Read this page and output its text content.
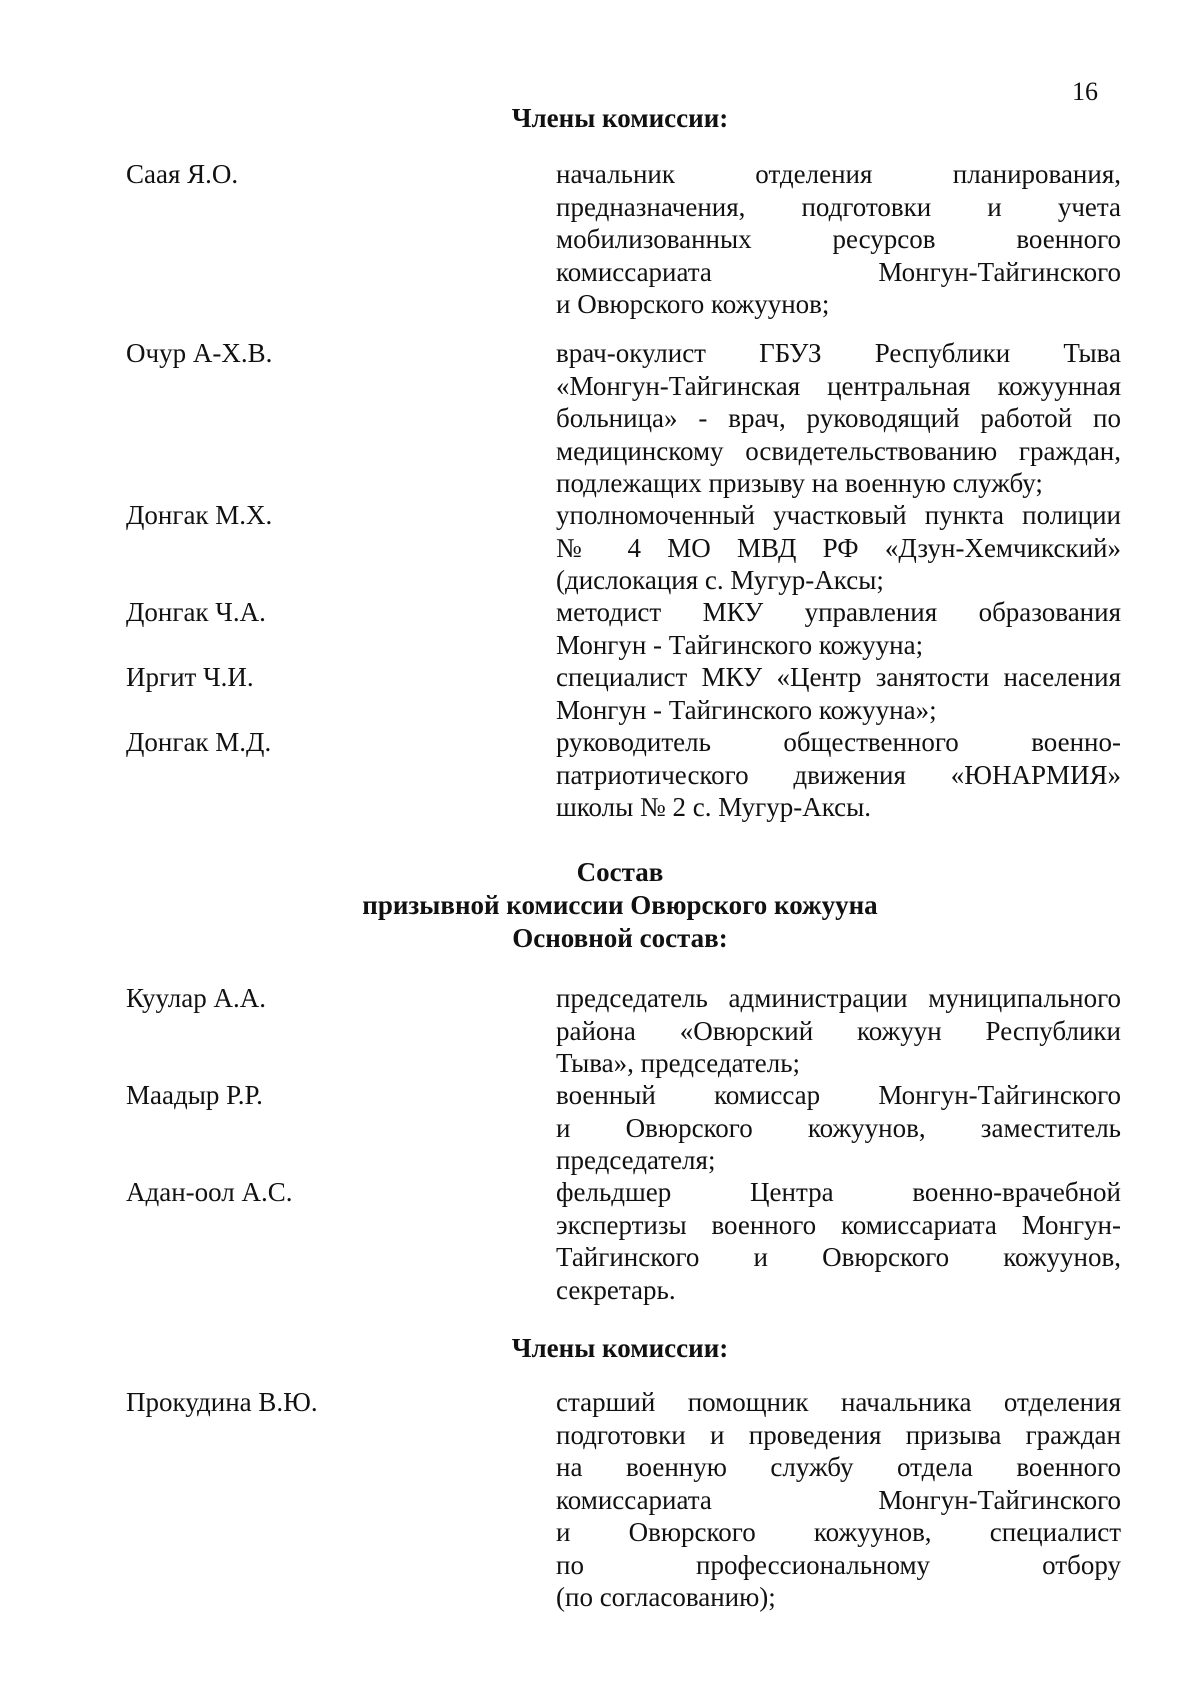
16
Члены комиссии:
Саая Я.О.	начальник отделения планирования,
предназначения, подготовки и учета
мобилизованных ресурсов военного
комиссариата Монгун-Тайгинского
и Овюрского кожуунов;
Очур А-Х.В.	врач-окулист ГБУЗ Республики Тыва
«Монгун-Тайгинская центральная кожуунная
больница» - врач, руководящий работой по
медицинскому освидетельствованию граждан,
подлежащих призыву на военную службу;
Донгак М.Х.	уполномоченный участковый пункта полиции
№ 4 МО МВД РФ «Дзун-Хемчикский»
(дислокация с. Мугур-Аксы;
Донгак Ч.А.	методист МКУ управления образования
Монгун - Тайгинского кожууна;
Иргит Ч.И.	специалист МКУ «Центр занятости населения
Монгун - Тайгинского кожууна»;
Донгак М.Д.	руководитель общественного военно-
патриотического движения «ЮНАРМИЯ»
школы № 2 с. Мугур-Аксы.
Состав
призывной комиссии Овюрского кожууна
Основной состав:
Куулар А.А.	председатель администрации муниципального
района «Овюрский кожуун Республики
Тыва», председатель;
Маадыр Р.Р.	военный комиссар Монгун-Тайгинского
и Овюрского кожуунов, заместитель
председателя;
Адан-оол А.С.	фельдшер Центра военно-врачебной
экспертизы военного комиссариата Монгун-
Тайгинского и Овюрского кожуунов,
секретарь.
Члены комиссии:
Прокудина В.Ю.	старший помощник начальника отделения
подготовки и проведения призыва граждан
на военную службу отдела военного
комиссариата Монгун-Тайгинского
и Овюрского кожуунов, специалист
по профессиональному отбору
(по согласованию);
